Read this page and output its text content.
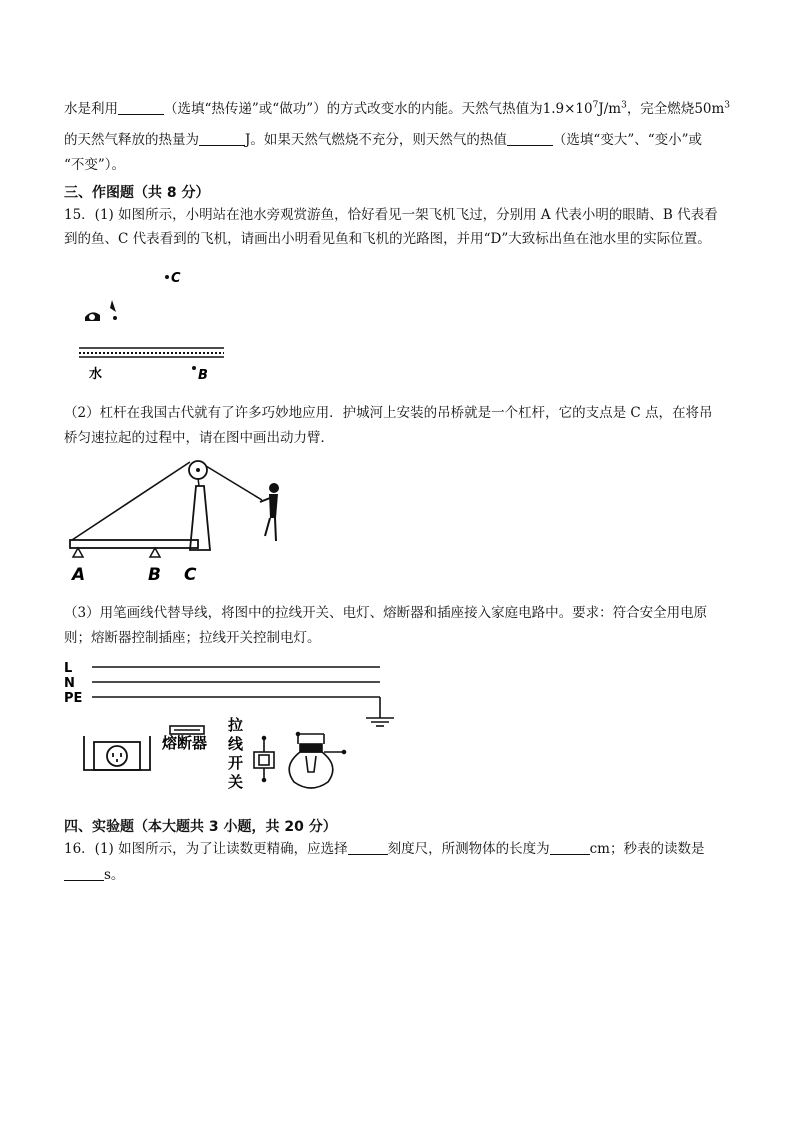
水是利用	（选填“热传递”或“做功”）的方式改变水的内能。天然气热值为$1.9\times 10^7J/m^3$，完全燃烧$50m^3$
的天然气释放的热量为	J。如果天然气燃烧不充分，则天然气的热值	（选填“变大”、“变小”或
“不变”）。
三、作图题（共 8 分）
15．(1) 如图所示，小明站在池水旁观赏游鱼，恰好看见一架飞机飞过，分别用 A 代表小明的眼睛、B 代表看
到的鱼、C 代表看到的飞机，请画出小明看见鱼和飞机的光路图，并用“D”大致标出鱼在池水里的实际位置。
C
水	B
（2）杠杆在我国古代就有了许多巧妙地应用．护城河上安装的吊桥就是一个杠杆，它的支点是 C 点，在将吊
桥匀速拉起的过程中，请在图中画出动力臂．
A	B C
（3）用笔画线代替导线，将图中的拉线开关、电灯、熔断器和插座接入家庭电路中。要求：符合安全用电原
则；熔断器控制插座；拉线开关控制电灯。
L
N
PE
熔断器
拉
线
开
关
四、实验题（本大题共 3 小题，共 20 分）
16．(1) 如图所示，为了让读数更精确，应选择	刻度尺，所测物体的长度为	cm；秒表的读数是
s。
